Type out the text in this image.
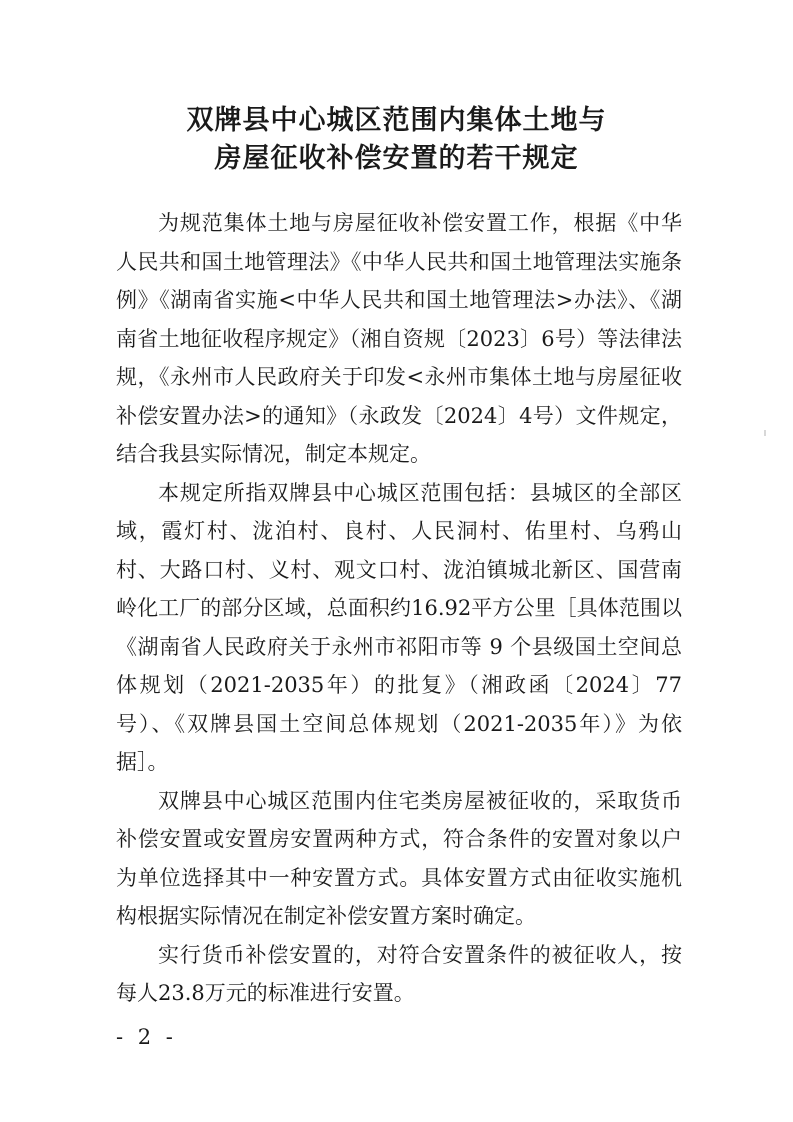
双牌县中心城区范围内集体土地与
房屋征收补偿安置的若干规定

为规范集体土地与房屋征收补偿安置工作，根据《中华人民共和国土地管理法》《中华人民共和国土地管理法实施条例》《湖南省实施<中华人民共和国土地管理法>办法》、《湖南省土地征收程序规定》（湘自资规〔2023〕6号）等法律法规，《永州市人民政府关于印发<永州市集体土地与房屋征收补偿安置办法>的通知》（永政发〔2024〕4号）文件规定，结合我县实际情况，制定本规定。

本规定所指双牌县中心城区范围包括：县城区的全部区域，霞灯村、泷泊村、良村、人民洞村、佑里村、乌鸦山村、大路口村、义村、观文口村、泷泊镇城北新区、国营南岭化工厂的部分区域，总面积约16.92平方公里［具体范围以《湖南省人民政府关于永州市祁阳市等 9 个县级国土空间总体规划（2021-2035年）的批复》（湘政函〔2024〕77号）、《双牌县国土空间总体规划（2021-2035年）》为依据］。

双牌县中心城区范围内住宅类房屋被征收的，采取货币补偿安置或安置房安置两种方式，符合条件的安置对象以户为单位选择其中一种安置方式。具体安置方式由征收实施机构根据实际情况在制定补偿安置方案时确定。

实行货币补偿安置的，对符合安置条件的被征收人，按每人23.8万元的标准进行安置。

- 2 -
